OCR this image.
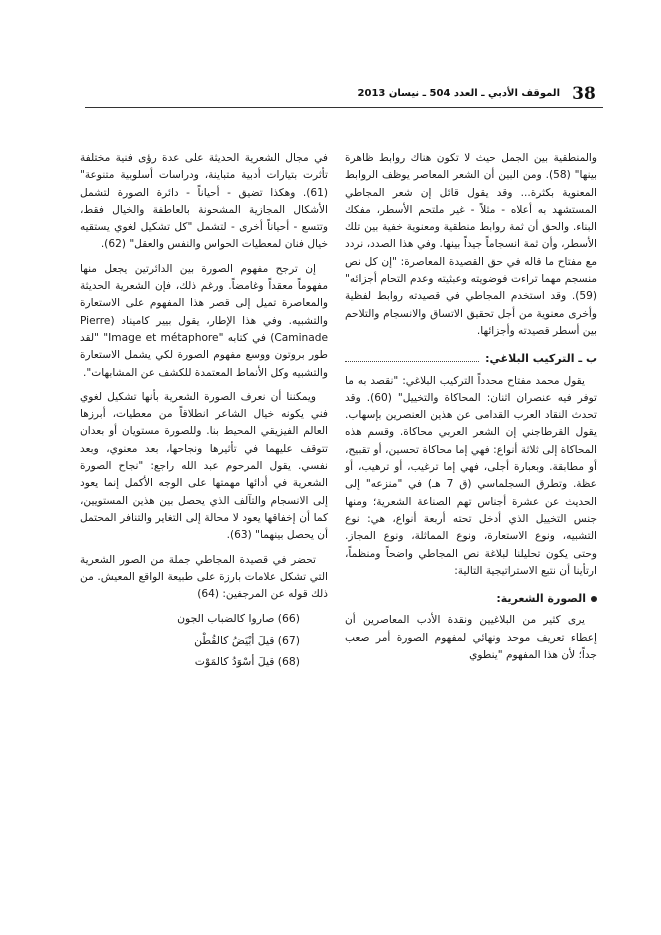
38
الموقف الأدبي ـ العدد 504 ـ نيسان 2013

والمنطقية بين الجمل حيث لا تكون هناك روابط ظاهرة بينها" (58). ومن البين أن الشعر المعاصر يوظف الروابط المعنوية بكثرة... وقد يقول قائل إن شعر المجاطي المستشهد به أعلاه - مثلاً - غير ملتحم الأسطر، مفكك البناء. والحق أن ثمة روابط منطقية ومعنوية خفية بين تلك الأسطر، وأن ثمة انسجاماً جيداً بينها. وفي هذا الصدد، نردد مع مفتاح ما قاله في حق القصيدة المعاصرة: "إن كل نص منسجم مهما تراءت فوضويته وعبثيته وعدم التحام أجزائه" (59). وقد استخدم المجاطي في قصيدته روابط لفظية وأخرى معنوية من أجل تحقيق الاتساق والانسجام والتلاحم بين أسطر قصيدته وأجزائها.

ب ـ التركيب البلاغي:

يقول محمد مفتاح محدداً التركيب البلاغي: "نقصد به ما توفر فيه عنصران اثنان: المحاكاة والتخييل" (60). وقد تحدث النقاد العرب القدامى عن هذين العنصرين بإسهاب. يقول القرطاجني إن الشعر العربي محاكاة. وقسم هذه المحاكاة إلى ثلاثة أنواع: فهي إما محاكاة تحسين، أو تقبيح، أو مطابقة. وبعبارة أجلى، فهي إما ترغيب، أو ترهيب، أو عظة. وتطرق السجلماسي (ق 7 هـ) في "منزعه" إلى الحديث عن عشرة أجناس تهم الصناعة الشعرية؛ ومنها جنس التخييل الذي أدخل تحته أربعة أنواع، هي: نوع التشبيه، ونوع الاستعارة، ونوع المماثلة، ونوع المجاز. وحتى يكون تحليلنا لبلاغة نص المجاطي واضحاً ومنظماً، ارتأينا أن نتبع الاستراتيجية التالية:

الصورة الشعرية:

يرى كثير من البلاغيين ونقدة الأدب المعاصرين أن إعطاء تعريف موحد ونهائي لمفهوم الصورة أمر صعب جداً؛ لأن هذا المفهوم "ينطوي

في مجال الشعرية الحديثة على عدة رؤى فنية مختلفة تأثرت بتيارات أدبية متباينة، ودراسات أسلوبية متنوعة" (61). وهكذا تضيق - أحياناً - دائرة الصورة لتشمل الأشكال المجازية المشحونة بالعاطفة والخيال فقط، وتتسع - أحياناً أخرى - لتشمل "كل تشكيل لغوي يستقيه خيال فنان لمعطيات الحواس والنفس والعقل" (62).

إن ترجح مفهوم الصورة بين الدائرتين يجعل منها مفهوماً معقداً وغامضاً. ورغم ذلك، فإن الشعرية الحديثة والمعاصرة تميل إلى قصر هذا المفهوم على الاستعارة والتشبيه. وفي هذا الإطار، يقول بيير كاميناد (Pierre Caminade) في كتابه "Image et métaphore" "لقد طور بروتون ووسع مفهوم الصورة لكي يشمل الاستعارة والتشبيه وكل الأنماط المعتمدة للكشف عن المشابهات".

ويمكننا أن نعرف الصورة الشعرية بأنها تشكيل لغوي فني يكونه خيال الشاعر انطلاقاً من معطيات، أبرزها العالم الفيزيقي المحيط بنا. وللصورة مستويان أو بعدان تتوقف عليهما في تأثيرها ونجاحها، بعد معنوي، وبعد نفسي. يقول المرحوم عبد الله راجع: "نجاح الصورة الشعرية في أدائها مهمتها على الوجه الأكمل إنما يعود إلى الانسجام والتآلف الذي يحصل بين هذين المستويين، كما أن إخفاقها يعود لا محالة إلى التغاير والتنافر المحتمل أن يحصل بينهما" (63).

تحضر في قصيدة المجاطي جملة من الصور الشعرية التي تشكل علامات بارزة على طبيعة الواقع المعيش. من ذلك قوله عن المرجفين: (64)

(66) صاروا كالضباب الجون
(67) قيلَ أبْيَضُ كالقُطْن
(68) قيلَ أسْوَدُ كالمَوْت
